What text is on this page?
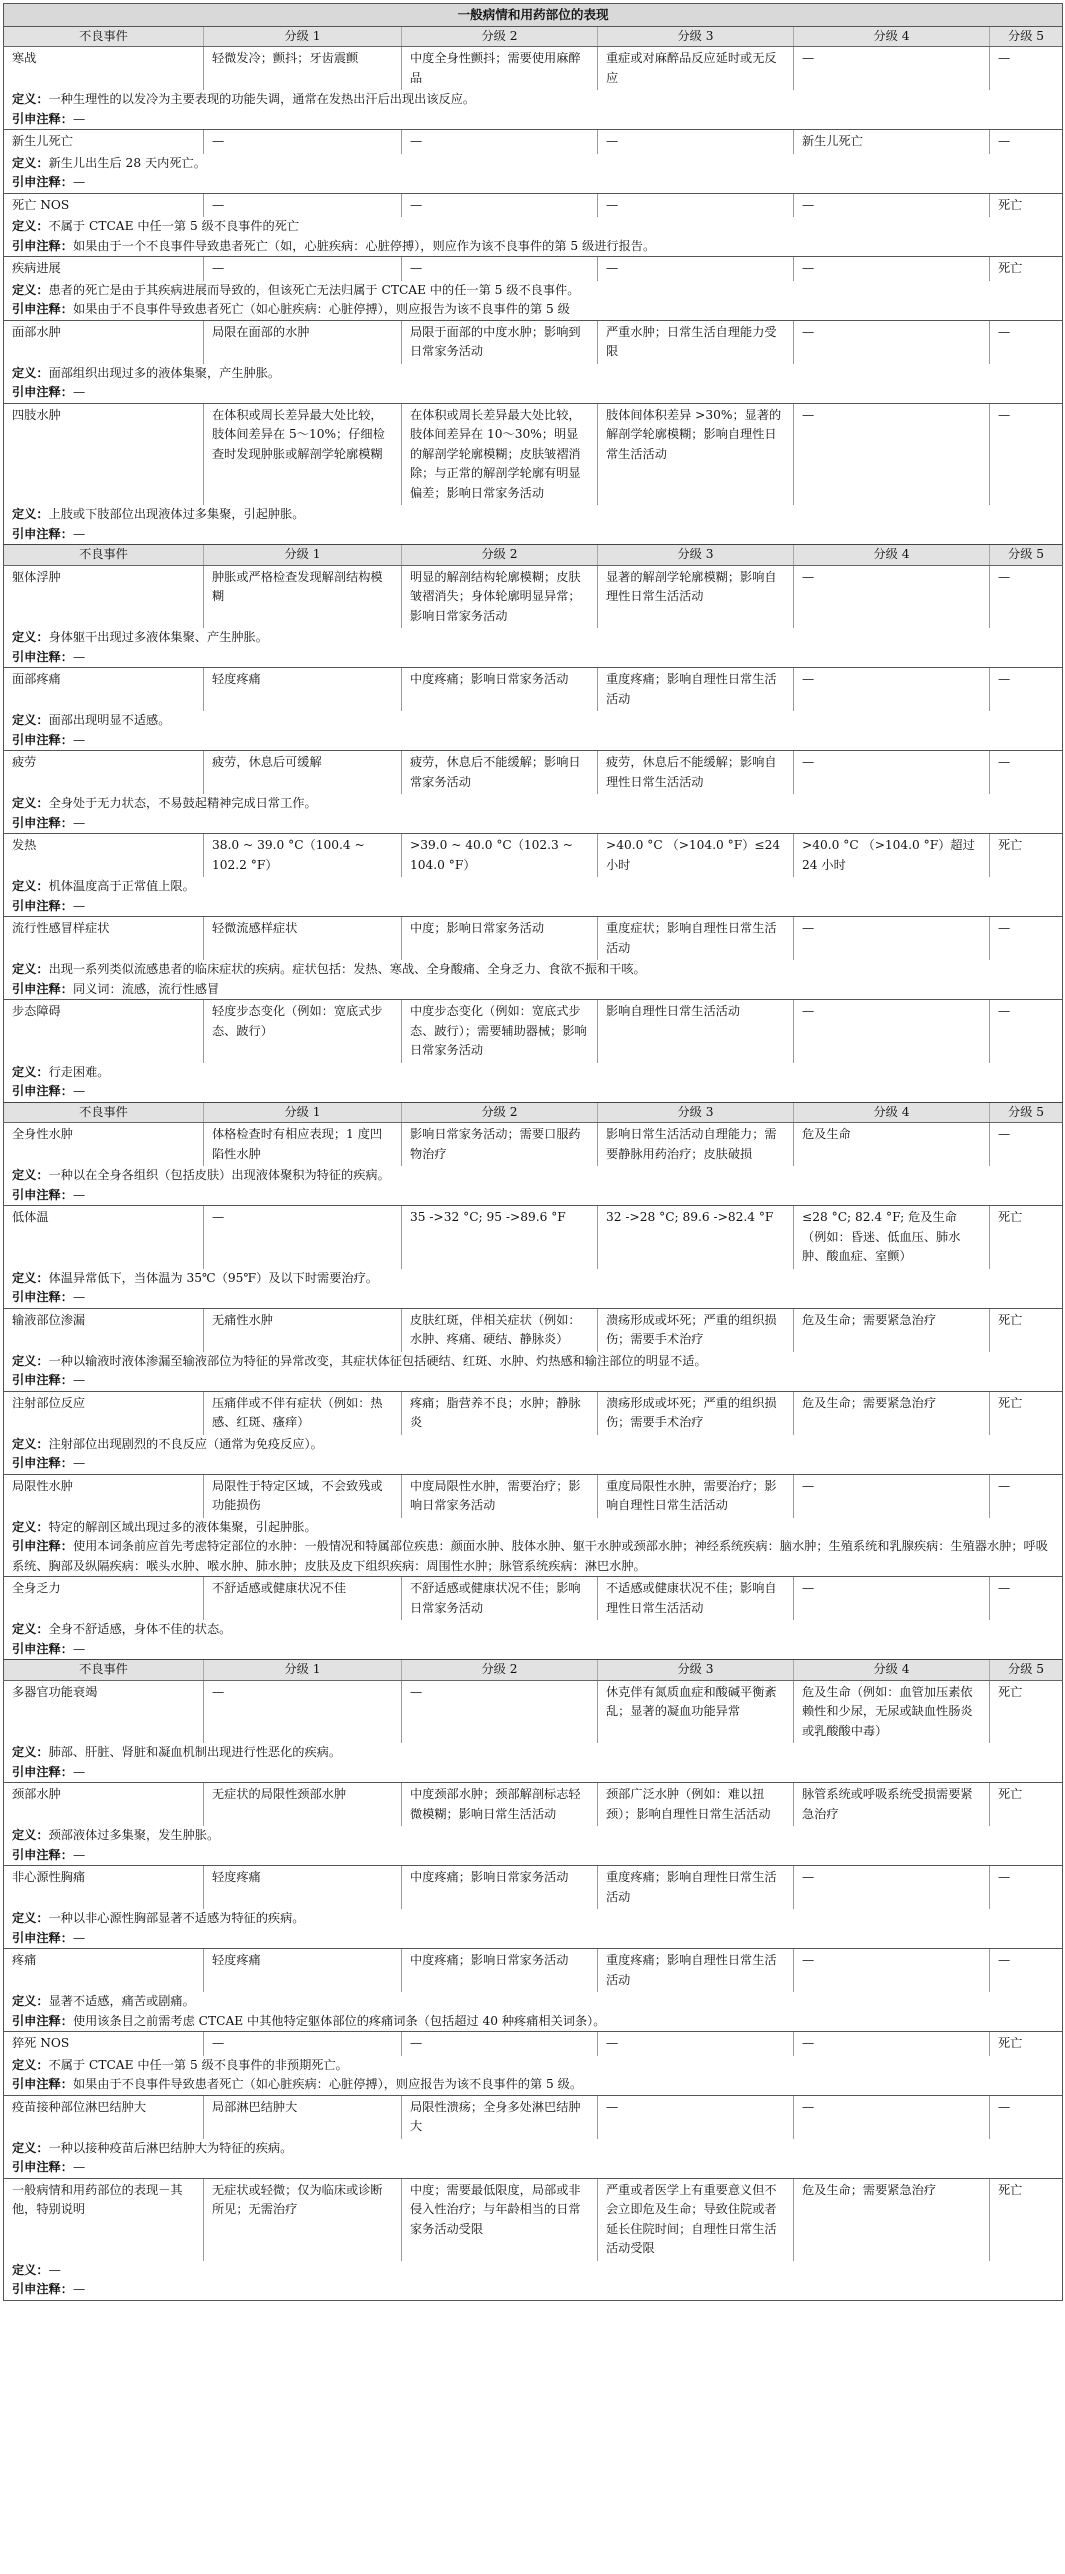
一般病情和用药部位的表现					
不良事件	分级 1	分级 2	分级 3	分级 4	分级 5
寒战	轻微发冷；颤抖；牙齿震颤	中度全身性颤抖；需要使用麻醉品	重症或对麻醉品反应延时或无反应	—	—
定义：一种生理性的以发冷为主要表现的功能失调，通常在发热出汗后出现出该反应。					
引申注释：—					
新生儿死亡	—	—	—	新生儿死亡	—
定义：新生儿出生后 28 天内死亡。					
引申注释：—					
死亡 NOS	—	—	—	—	死亡
定义：不属于 CTCAE 中任一第 5 级不良事件的死亡					
引申注释：如果由于一个不良事件导致患者死亡（如，心脏疾病：心脏停搏），则应作为该不良事件的第 5 级进行报告。					
疾病进展	—	—	—	—	死亡
定义：患者的死亡是由于其疾病进展而导致的，但该死亡无法归属于 CTCAE 中的任一第 5 级不良事件。					
引申注释：如果由于不良事件导致患者死亡（如心脏疾病：心脏停搏），则应报告为该不良事件的第 5 级					
面部水肿	局限在面部的水肿	局限于面部的中度水肿；影响到日常家务活动	严重水肿；日常生活自理能力受限	—	—
定义：面部组织出现过多的液体集聚，产生肿胀。					
引申注释：—					
四肢水肿	在体积或周长差异最大处比较，肢体间差异在 5～10%；仔细检查时发现肿胀或解剖学轮廓模糊	在体积或周长差异最大处比较，肢体间差异在 10～30%；明显的解剖学轮廓模糊；皮肤皱褶消除；与正常的解剖学轮廓有明显偏差；影响日常家务活动	肢体间体积差异 >30%；显著的解剖学轮廓模糊；影响自理性日常生活活动	—	—
定义：上肢或下肢部位出现液体过多集聚，引起肿胀。					
引申注释：—					
不良事件	分级 1	分级 2	分级 3	分级 4	分级 5
躯体浮肿	肿胀或严格检查发现解剖结构模糊	明显的解剖结构轮廓模糊；皮肤皱褶消失；身体轮廓明显异常；影响日常家务活动	显著的解剖学轮廓模糊；影响自理性日常生活活动	—	—
定义：身体躯干出现过多液体集聚、产生肿胀。					
引申注释：—					
面部疼痛	轻度疼痛	中度疼痛；影响日常家务活动	重度疼痛；影响自理性日常生活活动	—	—
定义：面部出现明显不适感。					
引申注释：—					
疲劳	疲劳，休息后可缓解	疲劳，休息后不能缓解；影响日常家务活动	疲劳，休息后不能缓解；影响自理性日常生活活动	—	—
定义：全身处于无力状态，不易鼓起精神完成日常工作。					
引申注释：—					
发热	38.0 ~ 39.0 °C（100.4 ~ 102.2 °F）	>39.0 ~ 40.0 °C（102.3 ~ 104.0 °F）	>40.0 °C （>104.0 °F）≤24 小时	>40.0 °C （>104.0 °F）超过 24 小时	死亡
定义：机体温度高于正常值上限。					
引申注释：—					
流行性感冒样症状	轻微流感样症状	中度；影响日常家务活动	重度症状；影响自理性日常生活活动	—	—
定义：出现一系列类似流感患者的临床症状的疾病。症状包括：发热、寒战、全身酸痛、全身乏力、食欲不振和干咳。					
引申注释：同义词：流感，流行性感冒					
步态障碍	轻度步态变化（例如：宽底式步态、跛行）	中度步态变化（例如：宽底式步态、跛行）；需要辅助器械；影响日常家务活动	影响自理性日常生活活动	—	—
定义：行走困难。					
引申注释：—					
不良事件	分级 1	分级 2	分级 3	分级 4	分级 5
全身性水肿	体格检查时有相应表现；1 度凹陷性水肿	影响日常家务活动；需要口服药物治疗	影响日常生活活动自理能力；需要静脉用药治疗；皮肤破损	危及生命	—
定义：一种以在全身各组织（包括皮肤）出现液体聚积为特征的疾病。					
引申注释：—					
低体温	—	35 ->32 °C; 95 ->89.6 °F	32 ->28 °C; 89.6 ->82.4 °F	≤28 °C; 82.4 °F; 危及生命（例如：昏迷、低血压、肺水肿、酸血症、室颤）	死亡
定义：体温异常低下，当体温为 35℃（95℉）及以下时需要治疗。					
引申注释：—					
输液部位渗漏	无痛性水肿	皮肤红斑，伴相关症状（例如：水肿、疼痛、硬结、静脉炎）	溃疡形成或坏死；严重的组织损伤；需要手术治疗	危及生命；需要紧急治疗	死亡
定义：一种以输液时液体渗漏至输液部位为特征的异常改变，其症状体征包括硬结、红斑、水肿、灼热感和输注部位的明显不适。					
引申注释：—					
注射部位反应	压痛伴或不伴有症状（例如：热感、红斑、瘙痒）	疼痛；脂营养不良；水肿；静脉炎	溃疡形成或坏死；严重的组织损伤；需要手术治疗	危及生命；需要紧急治疗	死亡
定义：注射部位出现剧烈的不良反应（通常为免疫反应）。					
引申注释：—					
局限性水肿	局限性于特定区域，不会致残或功能损伤	中度局限性水肿，需要治疗；影响日常家务活动	重度局限性水肿，需要治疗；影响自理性日常生活活动	—	—
定义：特定的解剖区域出现过多的液体集聚，引起肿胀。					
引申注释：使用本词条前应首先考虑特定部位的水肿：一般情况和特属部位疾患：颜面水肿、肢体水肿、躯干水肿或颈部水肿；神经系统疾病：脑水肿；生殖系统和乳腺疾病：生殖器水肿；呼吸系统、胸部及纵隔疾病：喉头水肿、喉水肿、肺水肿；皮肤及皮下组织疾病：周围性水肿；脉管系统疾病：淋巴水肿。					
全身乏力	不舒适感或健康状况不佳	不舒适感或健康状况不佳；影响日常家务活动	不适感或健康状况不佳；影响自理性日常生活活动	—	—
定义：全身不舒适感，身体不佳的状态。					
引申注释：—					
不良事件	分级 1	分级 2	分级 3	分级 4	分级 5
多器官功能衰竭	—	—	休克伴有氮质血症和酸碱平衡紊乱；显著的凝血功能异常	危及生命（例如：血管加压素依赖性和少尿，无尿或缺血性肠炎或乳酸酸中毒）	死亡
定义：肺部、肝脏、肾脏和凝血机制出现进行性恶化的疾病。					
引申注释：—					
颈部水肿	无症状的局限性颈部水肿	中度颈部水肿；颈部解剖标志轻微模糊；影响日常生活活动	颈部广泛水肿（例如：难以扭颈）；影响自理性日常生活活动	脉管系统或呼吸系统受损需要紧急治疗	死亡
定义：颈部液体过多集聚，发生肿胀。					
引申注释：—					
非心源性胸痛	轻度疼痛	中度疼痛；影响日常家务活动	重度疼痛；影响自理性日常生活活动	—	—
定义：一种以非心源性胸部显著不适感为特征的疾病。					
引申注释：—					
疼痛	轻度疼痛	中度疼痛；影响日常家务活动	重度疼痛；影响自理性日常生活活动	—	—
定义：显著不适感，痛苦或剧痛。					
引申注释：使用该条目之前需考虑 CTCAE 中其他特定躯体部位的疼痛词条（包括超过 40 种疼痛相关词条）。					
猝死 NOS	—	—	—	—	死亡
定义：不属于 CTCAE 中任一第 5 级不良事件的非预期死亡。					
引申注释：如果由于不良事件导致患者死亡（如心脏疾病：心脏停搏），则应报告为该不良事件的第 5 级。					
疫苗接种部位淋巴结肿大	局部淋巴结肿大	局限性溃疡；全身多处淋巴结肿大	—	—	—
定义：一种以接种疫苗后淋巴结肿大为特征的疾病。					
引申注释：—					
一般病情和用药部位的表现－其他，特别说明	无症状或轻微；仅为临床或诊断所见；无需治疗	中度；需要最低限度，局部或非侵入性治疗；与年龄相当的日常家务活动受限	严重或者医学上有重要意义但不会立即危及生命；导致住院或者延长住院时间；自理性日常生活活动受限	危及生命；需要紧急治疗	死亡
定义：—					
引申注释：—					
